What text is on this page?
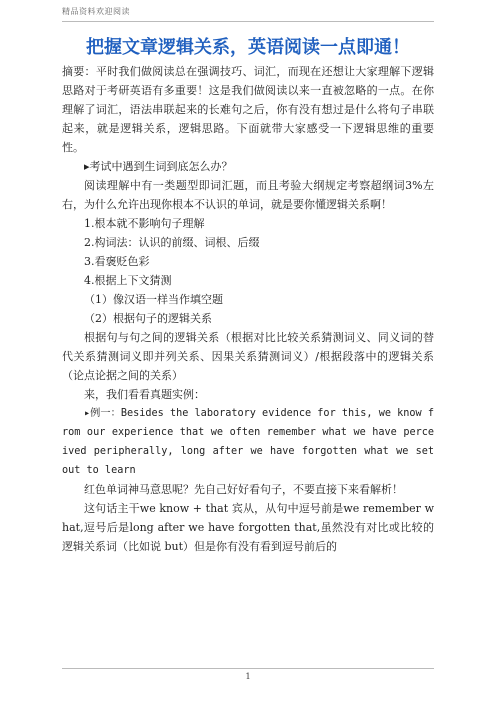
精品资料欢迎阅读
把握文章逻辑关系，英语阅读一点即通！

摘要：平时我们做阅读总在强调技巧、词汇，而现在还想让大家理解下逻辑思路对于考研英语有多重要！这是我们做阅读以来一直被忽略的一点。在你理解了词汇，语法串联起来的长难句之后，你有没有想过是什么将句子串联起来，就是逻辑关系，逻辑思路。下面就带大家感受一下逻辑思维的重要性。

▸考试中遇到生词到底怎么办？

阅读理解中有一类题型即词汇题，而且考验大纲规定考察超纲词3%左右，为什么允许出现你根本不认识的单词，就是要你懂逻辑关系啊！

1.根本就不影响句子理解

2.构词法：认识的前缀、词根、后缀

3.看褒贬色彩

4.根据上下文猜测

（1）像汉语一样当作填空题

（2）根据句子的逻辑关系

根据句与句之间的逻辑关系（根据对比比较关系猜测词义、同义词的替代关系猜测词义即并列关系、因果关系猜测词义）/根据段落中的逻辑关系（论点论据之间的关系）

来，我们看看真题实例：

▸例一：Besides the laboratory evidence for this, we know from our experience that we often remember what we have perceived peripherally, long after we have forgotten what we set out to learn

红色单词神马意思呢？先自己好好看句子，不要直接下来看解析！

这句话主干we know + that 宾从，从句中逗号前是we remember what,逗号后是long after we have forgotten that,虽然没有对比或比较的逻辑关系词（比如说 but）但是你有没有看到逗号前后的

1
